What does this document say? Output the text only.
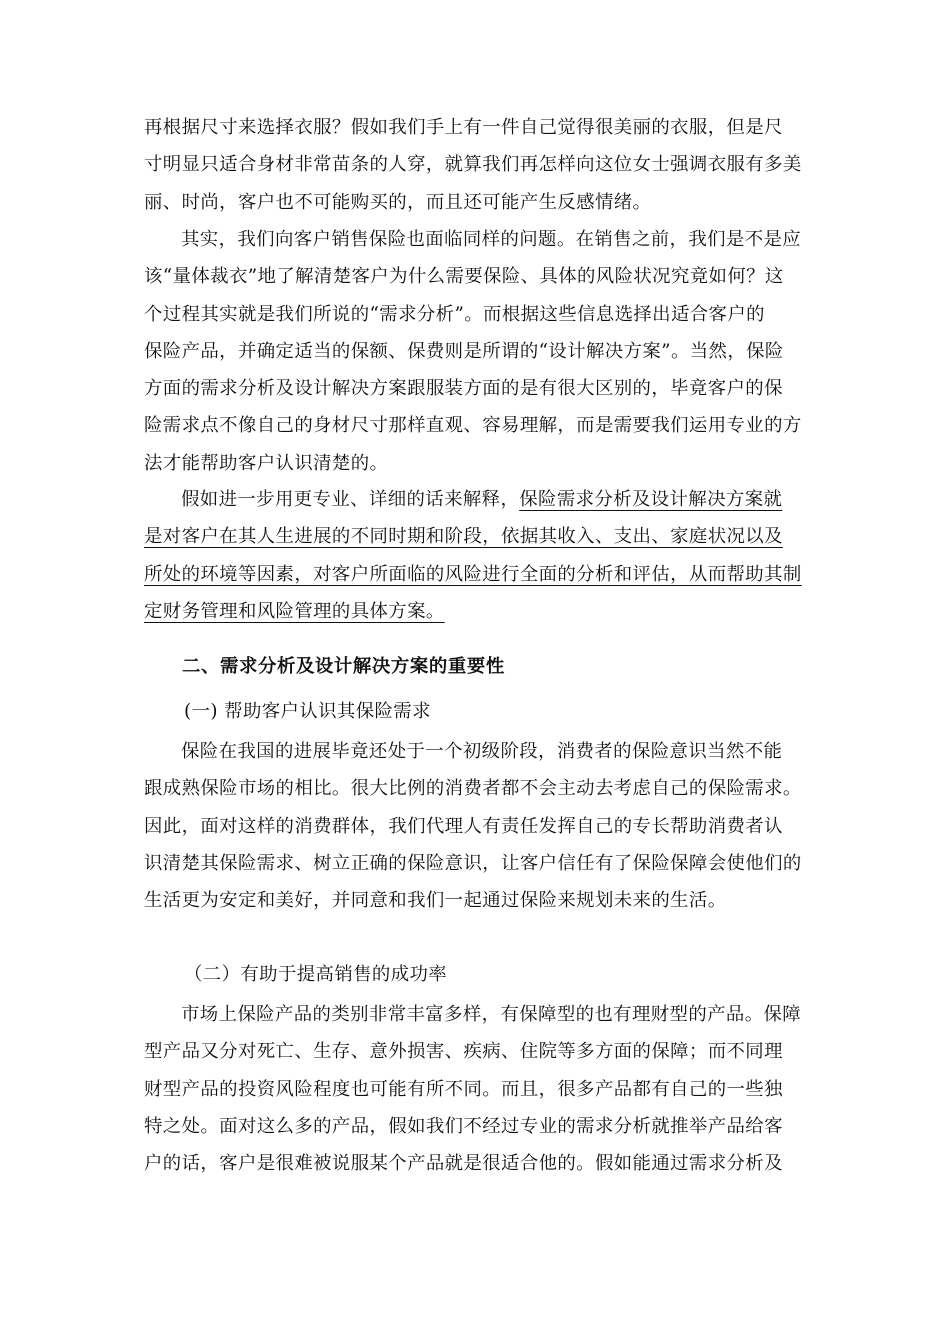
再根据尺寸来选择衣服？假如我们手上有一件自己觉得很美丽的衣服，但是尺
寸明显只适合身材非常苗条的人穿，就算我们再怎样向这位女士强调衣服有多美
丽、时尚，客户也不可能购买的，而且还可能产生反感情绪。
其实，我们向客户销售保险也面临同样的问题。在销售之前，我们是不是应
该“量体裁衣”地了解清楚客户为什么需要保险、具体的风险状况究竟如何？这
个过程其实就是我们所说的“需求分析”。而根据这些信息选择出适合客户的
保险产品，并确定适当的保额、保费则是所谓的“设计解决方案”。当然，保险
方面的需求分析及设计解决方案跟服装方面的是有很大区别的，毕竟客户的保
险需求点不像自己的身材尺寸那样直观、容易理解，而是需要我们运用专业的方
法才能帮助客户认识清楚的。
假如进一步用更专业、详细的话来解释，保险需求分析及设计解决方案就
是对客户在其人生进展的不同时期和阶段，依据其收入、支出、家庭状况以及
所处的环境等因素，对客户所面临的风险进行全面的分析和评估，从而帮助其制
定财务管理和风险管理的具体方案。
二、需求分析及设计解决方案的重要性
(一) 帮助客户认识其保险需求
保险在我国的进展毕竟还处于一个初级阶段，消费者的保险意识当然不能
跟成熟保险市场的相比。很大比例的消费者都不会主动去考虑自己的保险需求。
因此，面对这样的消费群体，我们代理人有责任发挥自己的专长帮助消费者认
识清楚其保险需求、树立正确的保险意识，让客户信任有了保险保障会使他们的
生活更为安定和美好，并同意和我们一起通过保险来规划未来的生活。
（二）有助于提高销售的成功率
市场上保险产品的类别非常丰富多样，有保障型的也有理财型的产品。保障
型产品又分对死亡、生存、意外损害、疾病、住院等多方面的保障；而不同理
财型产品的投资风险程度也可能有所不同。而且，很多产品都有自己的一些独
特之处。面对这么多的产品，假如我们不经过专业的需求分析就推举产品给客
户的话，客户是很难被说服某个产品就是很适合他的。假如能通过需求分析及
